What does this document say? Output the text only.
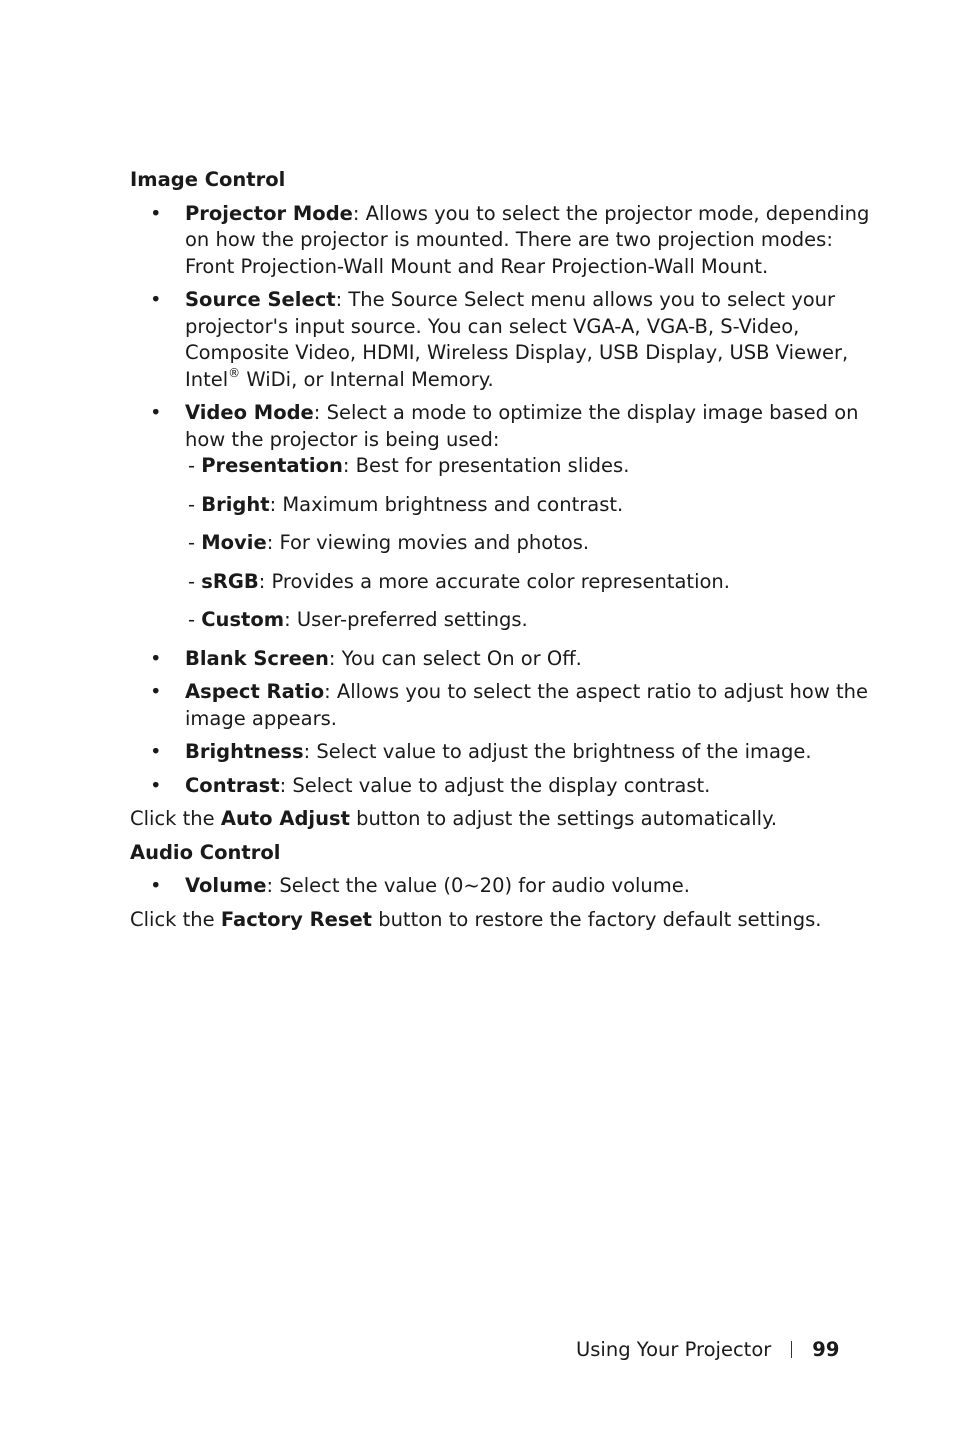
Image Control
• Projector Mode: Allows you to select the projector mode, depending on how the projector is mounted. There are two projection modes: Front Projection-Wall Mount and Rear Projection-Wall Mount.
• Source Select: The Source Select menu allows you to select your projector's input source. You can select VGA-A, VGA-B, S-Video, Composite Video, HDMI, Wireless Display, USB Display, USB Viewer, Intel® WiDi, or Internal Memory.
• Video Mode: Select a mode to optimize the display image based on how the projector is being used:
- Presentation: Best for presentation slides.
- Bright: Maximum brightness and contrast.
- Movie: For viewing movies and photos.
- sRGB: Provides a more accurate color representation.
- Custom: User-preferred settings.
• Blank Screen: You can select On or Off.
• Aspect Ratio: Allows you to select the aspect ratio to adjust how the image appears.
• Brightness: Select value to adjust the brightness of the image.
• Contrast: Select value to adjust the display contrast.
Click the Auto Adjust button to adjust the settings automatically.
Audio Control
• Volume: Select the value (0~20) for audio volume.
Click the Factory Reset button to restore the factory default settings.
Using Your Projector 99
